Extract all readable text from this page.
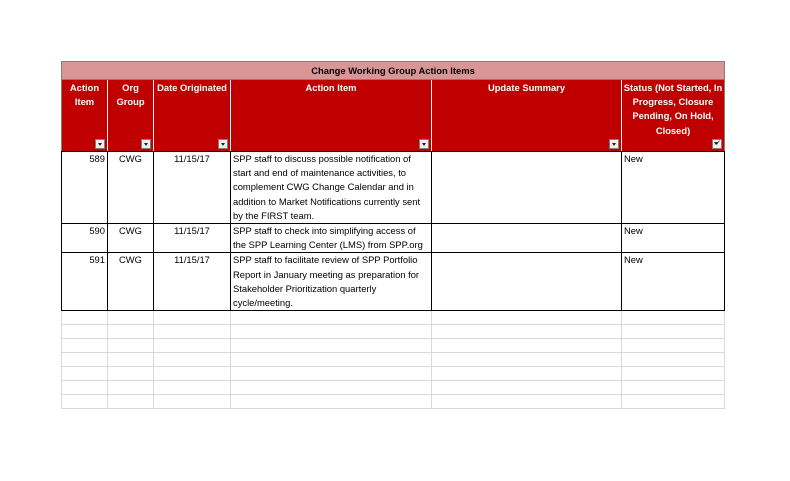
Change Working Group Action Items					
Action Item	Org Group	Date Originated	Action Item	Update Summary	Status (Not Started, In Progress, Closure Pending, On Hold, Closed)
✓

589	CWG	11/15/17	SPP staff to discuss possible notification of start and end of maintenance activities, to complement CWG Change Calendar and in addition to Market Notifications currently sent by the FIRST team.		New
590	CWG	11/15/17	SPP staff to check into simplifying access of the SPP Learning Center (LMS) from SPP.org		New
591	CWG	11/15/17	SPP staff to facilitate review of SPP Portfolio Report in January meeting as preparation for Stakeholder Prioritization quarterly cycle/meeting.		New
